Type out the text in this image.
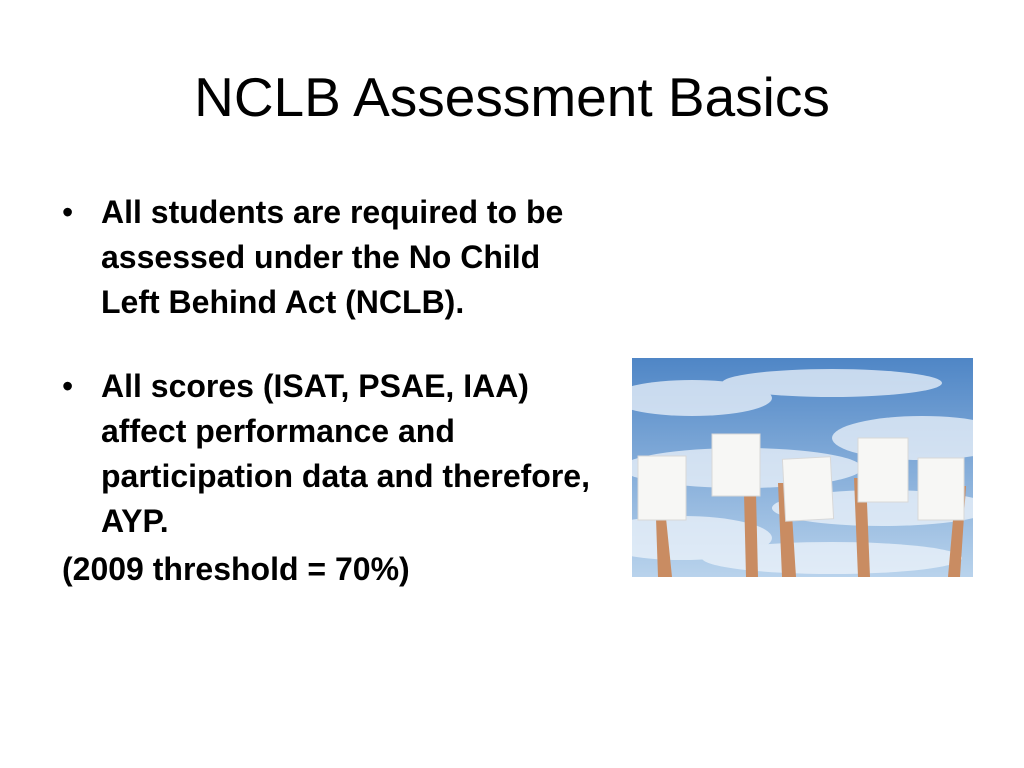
NCLB Assessment Basics
• All students are required to be assessed under the No Child Left Behind Act (NCLB).
• All scores (ISAT, PSAE, IAA) affect performance and participation data and therefore, AYP.
(2009 threshold = 70%)
